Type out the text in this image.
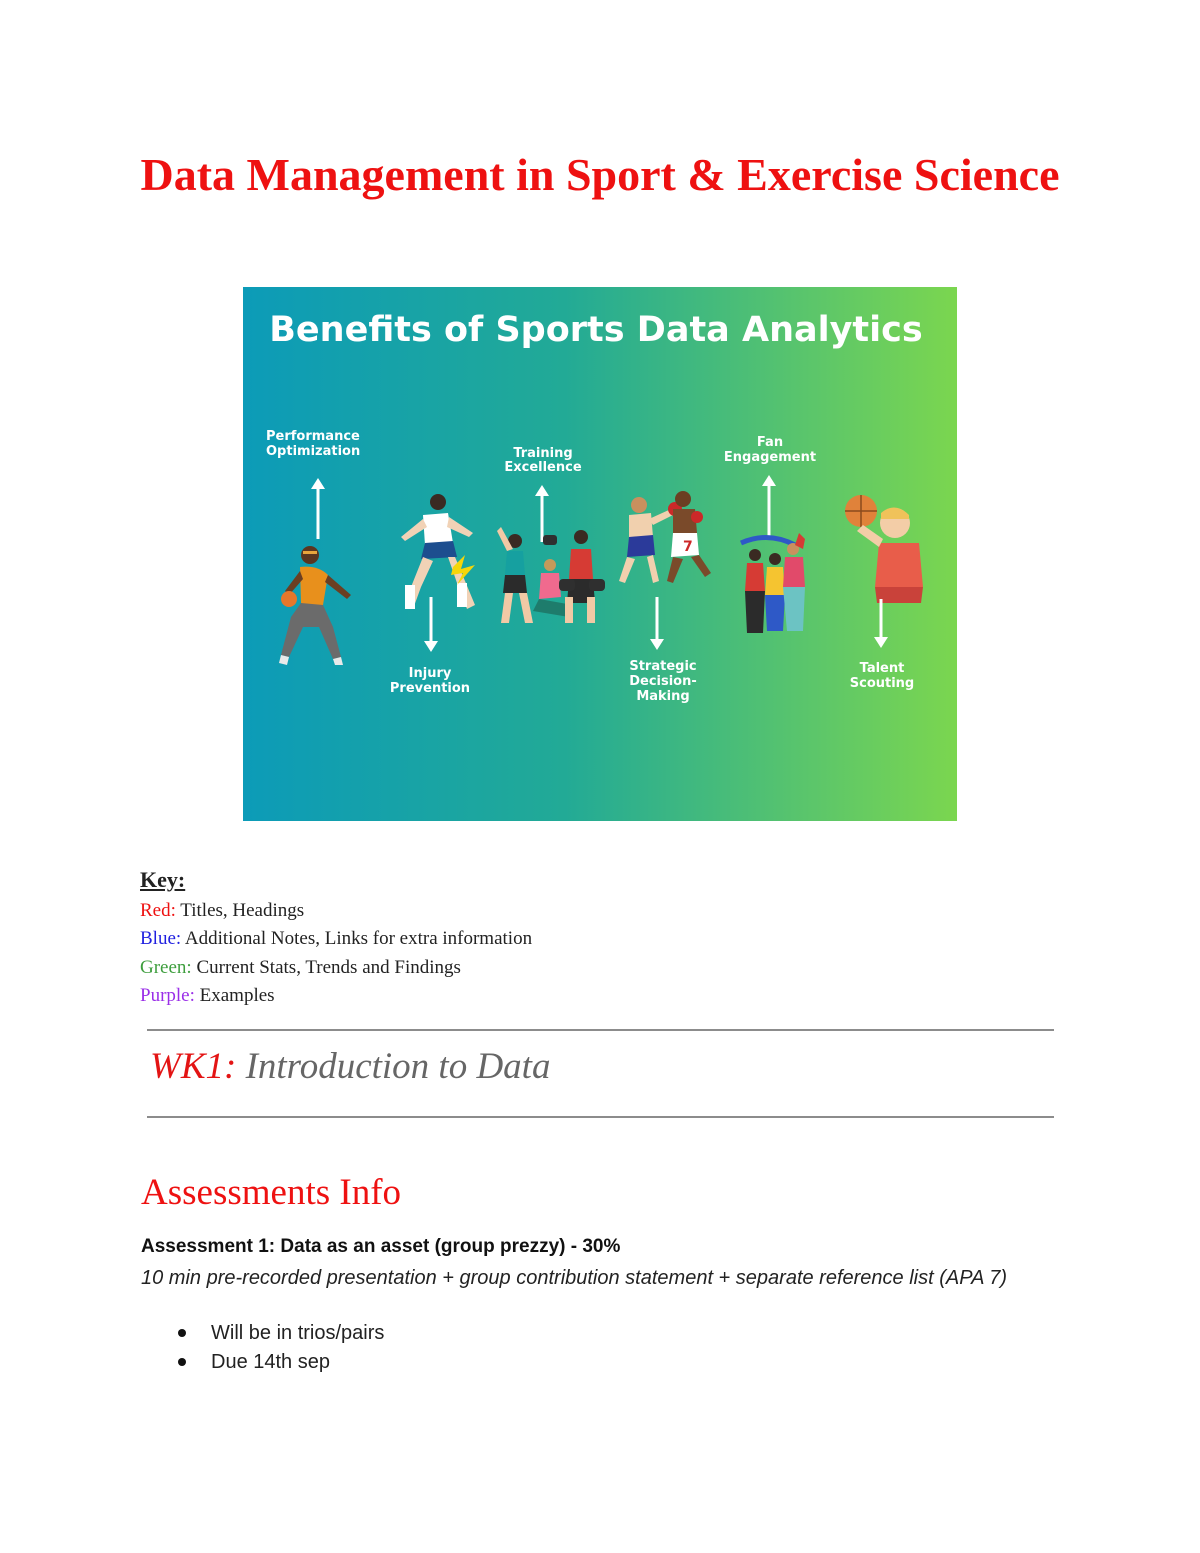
Data Management in Sport & Exercise Science
Benefits of Sports Data Analytics
Performance
Optimization
Injury
Prevention
Training
Excellence
7
Strategic
Decision-
Making
Fan
Engagement
Talent
Scouting
Key:
Red: Titles, Headings
Blue: Additional Notes, Links for extra information
Green: Current Stats, Trends and Findings
Purple: Examples
WK1: Introduction to Data
Assessments Info
Assessment 1: Data as an asset (group prezzy) - 30%
10 min pre-recorded presentation + group contribution statement + separate reference list (APA 7)
Will be in trios/pairs
Due 14th sep
